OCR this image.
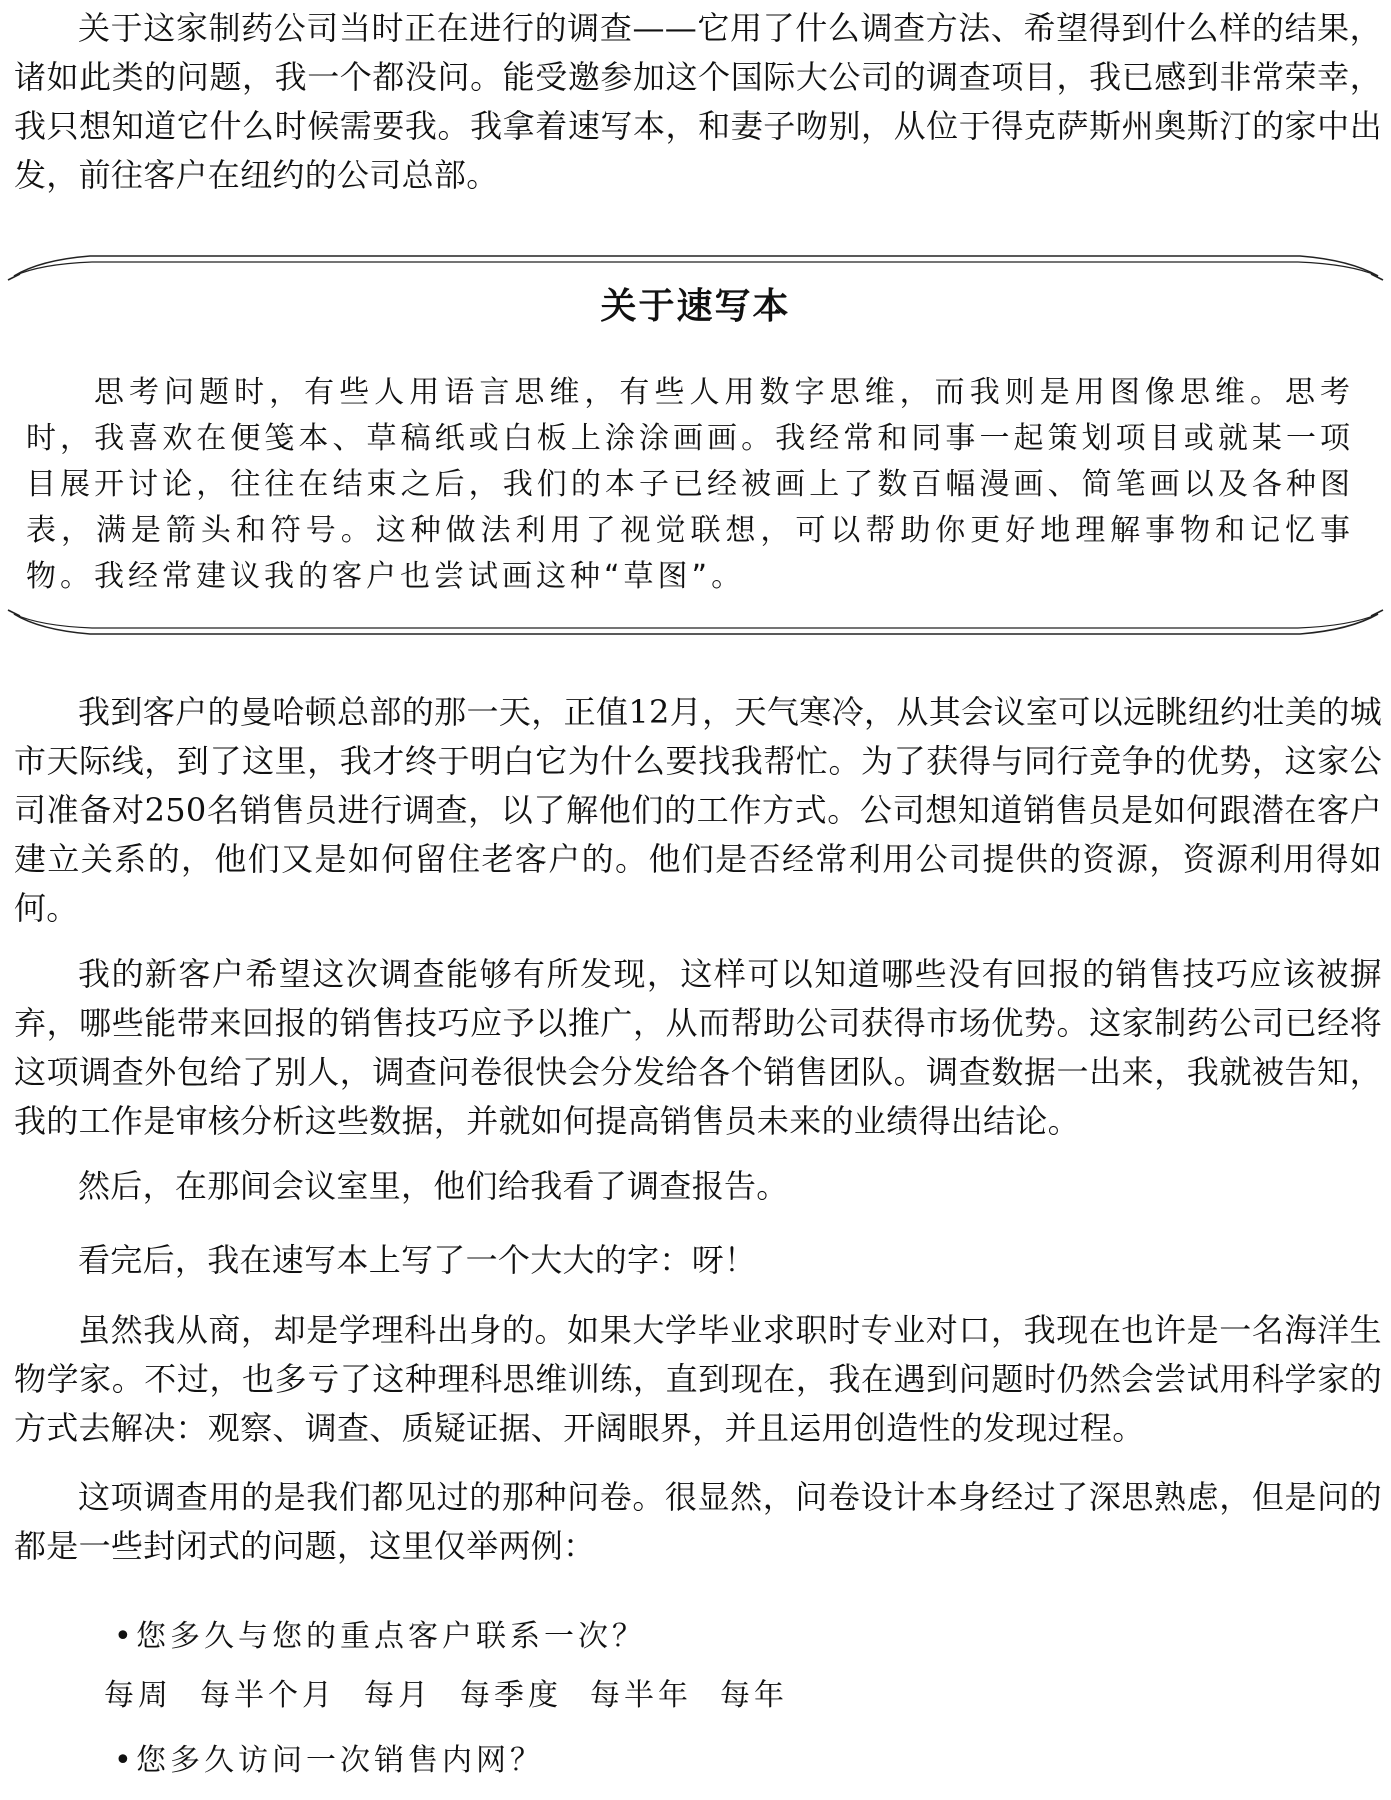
关于这家制药公司当时正在进行的调查——它用了什么调查方法、希望得到什么样的结果，诸如此类的问题，我一个都没问。能受邀参加这个国际大公司的调查项目，我已感到非常荣幸，我只想知道它什么时候需要我。我拿着速写本，和妻子吻别，从位于得克萨斯州奥斯汀的家中出发，前往客户在纽约的公司总部。

关于速写本

思考问题时，有些人用语言思维，有些人用数字思维，而我则是用图像思维。思考时，我喜欢在便笺本、草稿纸或白板上涂涂画画。我经常和同事一起策划项目或就某一项目展开讨论，往往在结束之后，我们的本子已经被画上了数百幅漫画、简笔画以及各种图表，满是箭头和符号。这种做法利用了视觉联想，可以帮助你更好地理解事物和记忆事物。我经常建议我的客户也尝试画这种“草图”。

我到客户的曼哈顿总部的那一天，正值12月，天气寒冷，从其会议室可以远眺纽约壮美的城市天际线，到了这里，我才终于明白它为什么要找我帮忙。为了获得与同行竞争的优势，这家公司准备对250名销售员进行调查，以了解他们的工作方式。公司想知道销售员是如何跟潜在客户建立关系的，他们又是如何留住老客户的。他们是否经常利用公司提供的资源，资源利用得如何。

我的新客户希望这次调查能够有所发现，这样可以知道哪些没有回报的销售技巧应该被摒弃，哪些能带来回报的销售技巧应予以推广，从而帮助公司获得市场优势。这家制药公司已经将这项调查外包给了别人，调查问卷很快会分发给各个销售团队。调查数据一出来，我就被告知，我的工作是审核分析这些数据，并就如何提高销售员未来的业绩得出结论。

然后，在那间会议室里，他们给我看了调查报告。

看完后，我在速写本上写了一个大大的字：呀！

虽然我从商，却是学理科出身的。如果大学毕业求职时专业对口，我现在也许是一名海洋生物学家。不过，也多亏了这种理科思维训练，直到现在，我在遇到问题时仍然会尝试用科学家的方式去解决：观察、调查、质疑证据、开阔眼界，并且运用创造性的发现过程。

这项调查用的是我们都见过的那种问卷。很显然，问卷设计本身经过了深思熟虑，但是问的都是一些封闭式的问题，这里仅举两例：

• 您多久与您的重点客户联系一次？
每周 每半个月 每月 每季度 每半年 每年
• 您多久访问一次销售内网？
